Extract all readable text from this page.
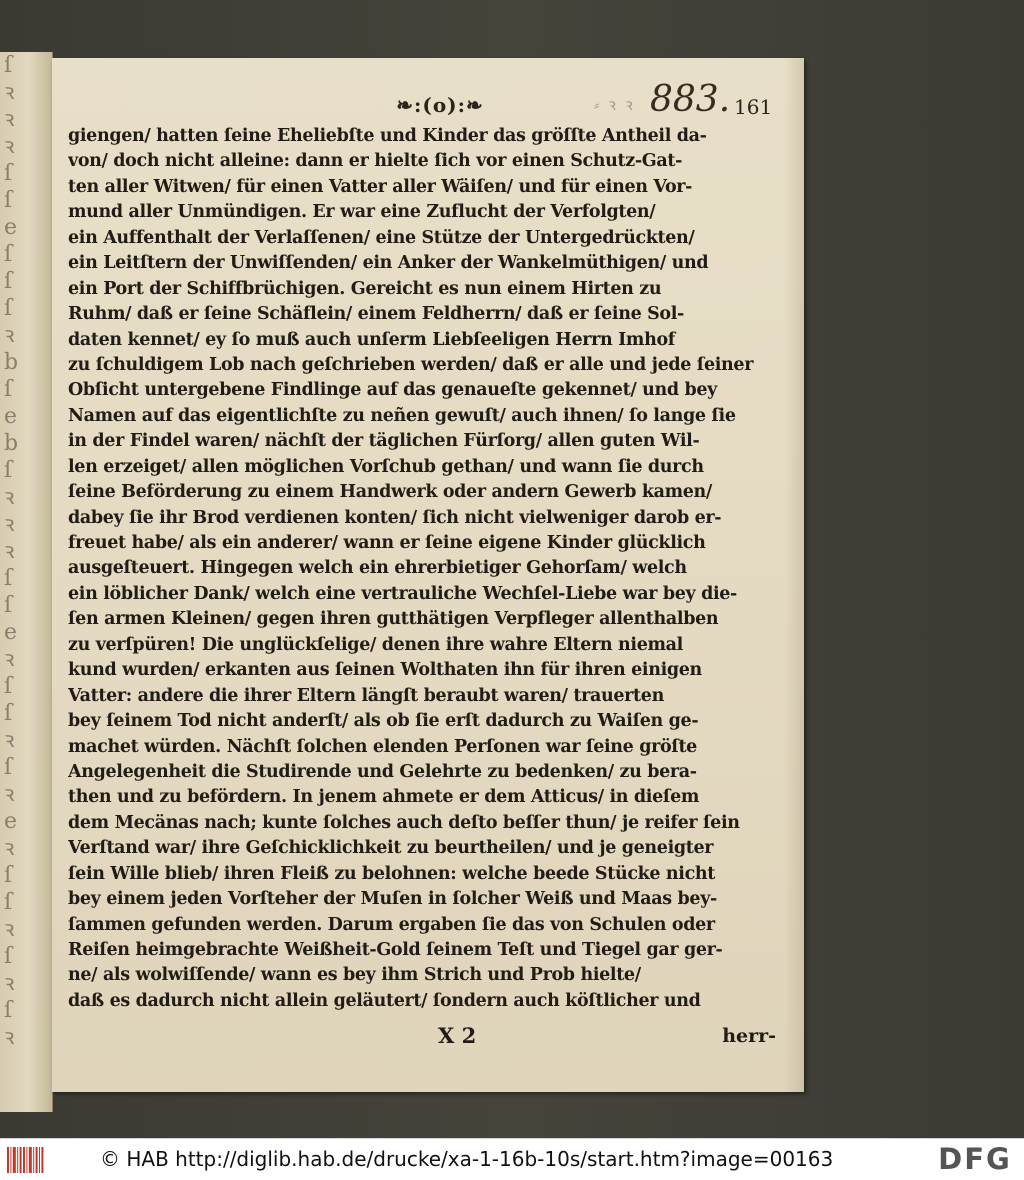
ſ
ꝛ
ꝛ
ꝛ
ſ
ſ
e
ſ
ſ
ſ
ꝛ
b
ſ
e
b
ſ
ꝛ
ꝛ
ꝛ
ſ
ſ
e
ꝛ
ſ
ſ
ꝛ
ſ
ꝛ
e
ꝛ
ſ
ſ
ꝛ
ſ
ꝛ
ſ
ꝛ
❧:(o):❧	⸗ ꝛ ꝛ 883. 161
giengen/ hatten ſeine Eheliebſte und Kinder das gröſſte Antheil da-
von/ doch nicht alleine: dann er hielte ſich vor einen Schutz-Gat-
ten aller Witwen/ für einen Vatter aller Wäiſen/ und für einen Vor-
mund aller Unmündigen. Er war eine Zuflucht der Verfolgten/
ein Auffenthalt der Verlaſſenen/ eine Stütze der Untergedrückten/
ein Leitſtern der Unwiſſenden/ ein Anker der Wankelmüthigen/ und
ein Port der Schiffbrüchigen. Gereicht es nun einem Hirten zu
Ruhm/ daß er ſeine Schäflein/ einem Feldherrn/ daß er ſeine Sol-
daten kennet/ ey ſo muß auch unſerm Liebſeeligen Herrn Imhof
zu ſchuldigem Lob nach geſchrieben werden/ daß er alle und jede ſeiner
Obſicht untergebene Findlinge auf das genaueſte gekennet/ und bey
Namen auf das eigentlichſte zu neñen gewuſt/ auch ihnen/ ſo lange ſie
in der Findel waren/ nächſt der täglichen Fürſorg/ allen guten Wil-
len erzeiget/ allen möglichen Vorſchub gethan/ und wann ſie durch
ſeine Beförderung zu einem Handwerk oder andern Gewerb kamen/
dabey ſie ihr Brod verdienen konten/ ſich nicht vielweniger darob er-
freuet habe/ als ein anderer/ wann er ſeine eigene Kinder glücklich
ausgeſteuert. Hingegen welch ein ehrerbietiger Gehorſam/ welch
ein löblicher Dank/ welch eine vertrauliche Wechſel-Liebe war bey die-
ſen armen Kleinen/ gegen ihren gutthätigen Verpfleger allenthalben
zu verſpüren! Die unglückſelige/ denen ihre wahre Eltern niemal
kund wurden/ erkanten aus ſeinen Wolthaten ihn für ihren einigen
Vatter: andere die ihrer Eltern längſt beraubt waren/ trauerten
bey ſeinem Tod nicht anderſt/ als ob ſie erſt dadurch zu Waiſen ge-
machet würden. Nächſt ſolchen elenden Perſonen war ſeine gröſte
Angelegenheit die Studirende und Gelehrte zu bedenken/ zu bera-
then und zu befördern. In jenem ahmete er dem Atticus/ in dieſem
dem Mecänas nach; kunte ſolches auch deſto beſſer thun/ je reifer ſein
Verſtand war/ ihre Geſchicklichkeit zu beurtheilen/ und je geneigter
ſein Wille blieb/ ihren Fleiß zu belohnen: welche beede Stücke nicht
bey einem jeden Vorſteher der Muſen in ſolcher Weiß und Maas bey-
ſammen gefunden werden. Darum ergaben ſie das von Schulen oder
Reiſen heimgebrachte Weißheit-Gold ſeinem Teſt und Tiegel gar ger-
ne/ als wolwiſſende/ wann es bey ihm Strich und Prob hielte/
daß es dadurch nicht allein geläutert/ ſondern auch köſtlicher und
X 2	herr-
© HAB http://diglib.hab.de/drucke/xa-1-16b-10s/start.htm?image=00163	DFG
